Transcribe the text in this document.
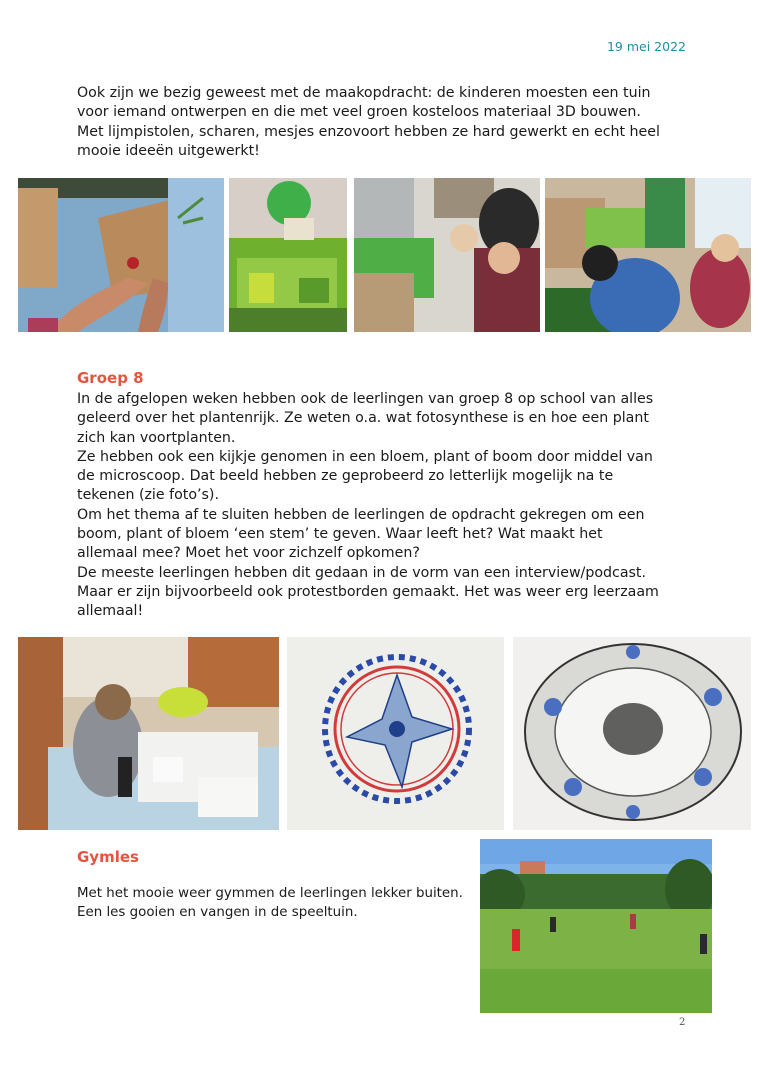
19 mei 2022
Ook zijn we bezig geweest met de maakopdracht: de kinderen moesten een tuin
voor iemand ontwerpen en die met veel groen kosteloos materiaal 3D bouwen.
Met lijmpistolen, scharen, mesjes enzovoort hebben ze hard gewerkt en echt heel
mooie ideeën uitgewerkt!
Groep 8
In de afgelopen weken hebben ook de leerlingen van groep 8 op school van alles
geleerd over het plantenrijk. Ze weten o.a. wat fotosynthese is en hoe een plant
zich kan voortplanten.
Ze hebben ook een kijkje genomen in een bloem, plant of boom door middel van
de microscoop. Dat beeld hebben ze geprobeerd zo letterlijk mogelijk na te
tekenen (zie foto’s).
Om het thema af te sluiten hebben de leerlingen de opdracht gekregen om een
boom, plant of bloem ‘een stem’ te geven. Waar leeft het? Wat maakt het
allemaal mee? Moet het voor zichzelf opkomen?
De meeste leerlingen hebben dit gedaan in de vorm van een interview/podcast.
Maar er zijn bijvoorbeeld ook protestborden gemaakt. Het was weer erg leerzaam
allemaal!
Gymles
Met het mooie weer gymmen de leerlingen lekker buiten.
Een les gooien en vangen in de speeltuin.
2
